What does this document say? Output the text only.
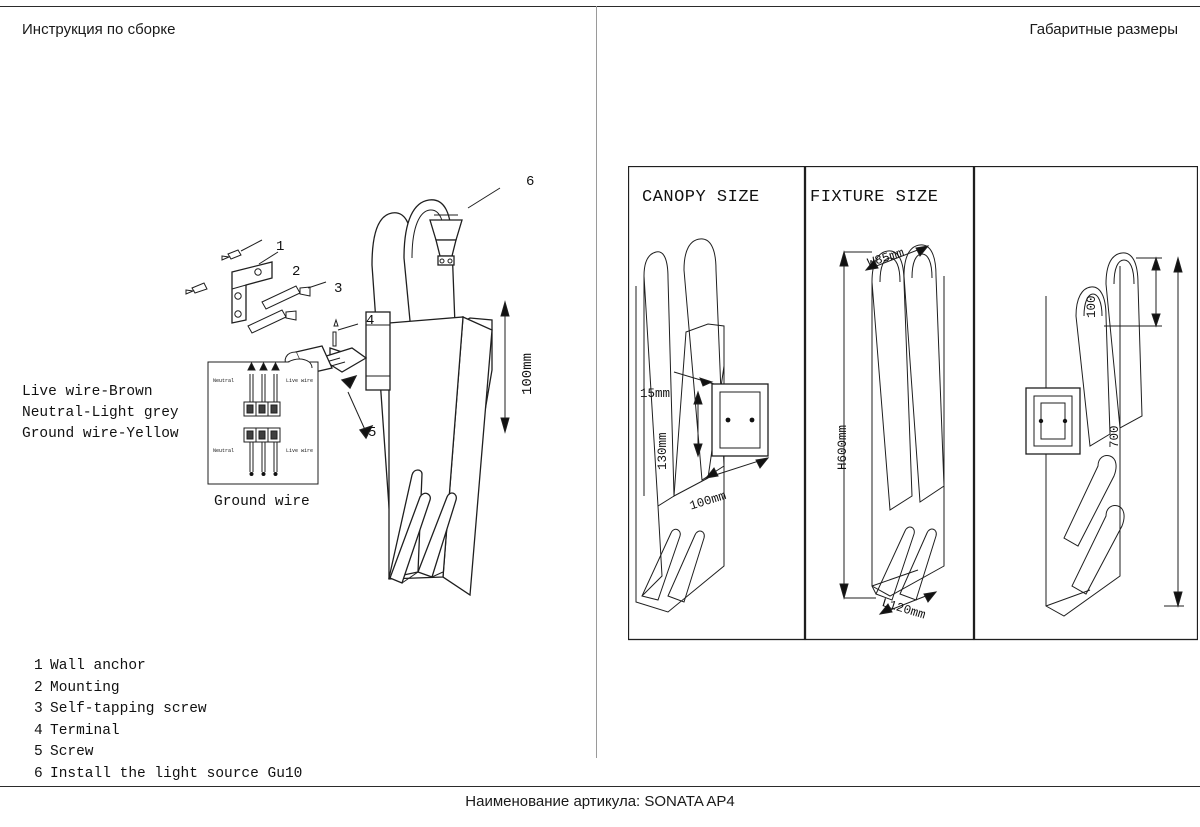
Инструкция по сборке	Габаритные размеры
Neutral	Live wire
Neutral	Live wire
1
2
3
4
5
6
100mm
Live wire-Brown
Neutral-Light grey
Ground wire-Yellow
Ground wire
1 Wall anchor
2 Mounting
3 Self-tapping screw
4 Terminal
5 Screw
6 Install the light source Gu10
CANOPY SIZE	FIXTURE SIZE
15mm
130mm
100mm
W85mm
H600mm
L120mm
100
700
Наименование артикула: SONATA AP4
